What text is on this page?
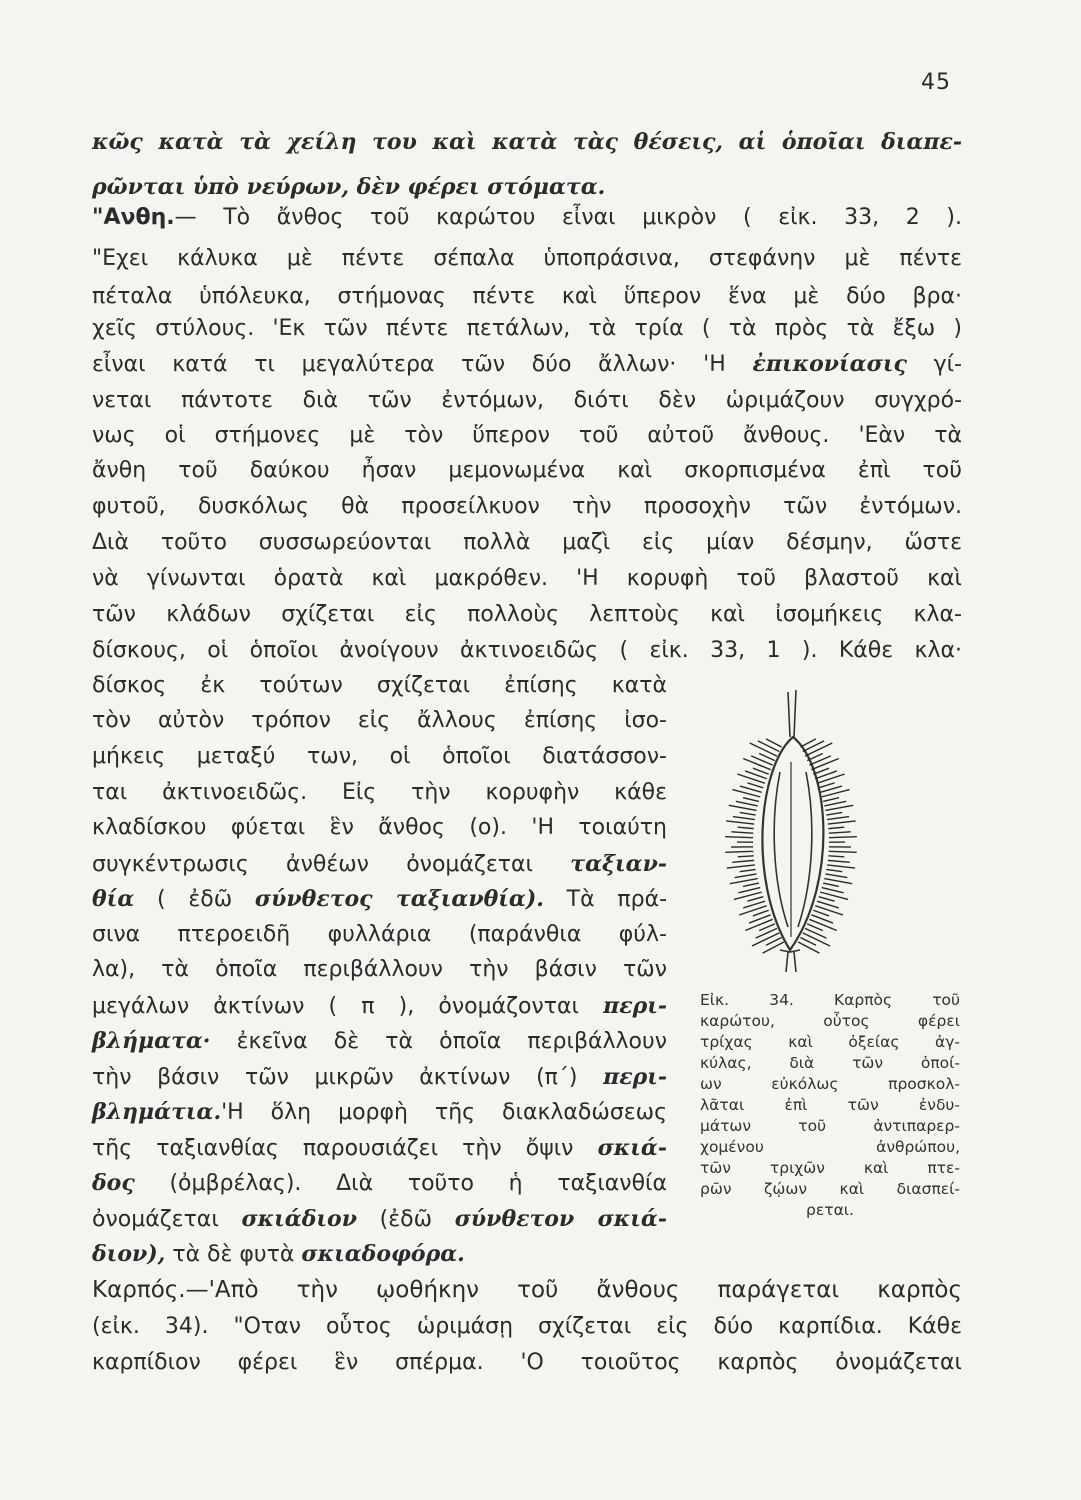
45
κῶς κατὰ τὰ χείλη του καὶ κατὰ τὰς θέσεις, αἱ ὁποῖαι διαπε-
ρῶνται ὑπὸ νεύρων, δὲν φέρει στόματα.
"Ανθη.— Τὸ ἄνθος τοῦ καρώτου εἶναι μικρὸν ( εἰκ. 33, 2 ).
"Εχει κάλυκα μὲ πέντε σέπαλα ὑποπράσινα, στεφάνην μὲ πέντε
πέταλα ὑπόλευκα, στήμονας πέντε καὶ ὕπερον ἕνα μὲ δύο βρα·
χεῖς στύλους. 'Εκ τῶν πέντε πετάλων, τὰ τρία ( τὰ πρὸς τὰ ἔξω )
εἶναι κατά τι μεγαλύτερα τῶν δύο ἄλλων· 'Η ἐπικονίασις γί-
νεται πάντοτε διὰ τῶν ἐντόμων, διότι δὲν ὡριμάζουν συγχρό-
νως οἱ στήμονες μὲ τὸν ὕπερον τοῦ αὐτοῦ ἄνθους. 'Εὰν τὰ
ἄνθη τοῦ δαύκου ἦσαν μεμονωμένα καὶ σκορπισμένα ἐπὶ τοῦ
φυτοῦ, δυσκόλως θὰ προσείλκυον τὴν προσοχὴν τῶν ἐντόμων.
Διὰ τοῦτο συσσωρεύονται πολλὰ μαζὶ εἰς μίαν δέσμην, ὥστε
νὰ γίνωνται ὁρατὰ καὶ μακρόθεν. 'Η κορυφὴ τοῦ βλαστοῦ καὶ
τῶν κλάδων σχίζεται εἰς πολλοὺς λεπτοὺς καὶ ἰσομήκεις κλα-
δίσκους, οἱ ὁποῖοι ἀνοίγουν ἀκτινοειδῶς ( εἰκ. 33, 1 ). Κάθε κλα·
δίσκος ἐκ τούτων σχίζεται ἐπίσης κατὰ
τὸν αὐτὸν τρόπον εἰς ἄλλους ἐπίσης ἰσο-
μήκεις μεταξύ των, οἱ ὁποῖοι διατάσσον-
ται ἀκτινοειδῶς. Εἰς τὴν κορυφὴν κάθε
κλαδίσκου φύεται ἓν ἄνθος (ο). 'Η τοιαύτη
συγκέντρωσις ἀνθέων ὀνομάζεται ταξιαν-
θία ( ἐδῶ σύνθετος ταξιανθία). Τὰ πρά-
σινα πτεροειδῆ φυλλάρια (παράνθια φύλ-
λα), τὰ ὁποῖα περιβάλλουν τὴν βάσιν τῶν
μεγάλων ἀκτίνων ( π ), ὀνομάζονται περι-
βλήματα· ἐκεῖνα δὲ τὰ ὁποῖα περιβάλλουν
τὴν βάσιν τῶν μικρῶν ἀκτίνων (π΄) περι-
βλημάτια.'Η ὅλη μορφὴ τῆς διακλαδώσεως
τῆς ταξιανθίας παρουσιάζει τὴν ὄψιν σκιά-
δος (ὀμβρέλας). Διὰ τοῦτο ἡ ταξιανθία
ὀνομάζεται σκιάδιον (ἐδῶ σύνθετον σκιά-
διον), τὰ δὲ φυτὰ σκιαδοφόρα.
Καρπός.—'Απὸ τὴν ῳοθήκην τοῦ ἄνθους παράγεται καρπὸς
(εἰκ. 34). "Οταν οὗτος ὡριμάσῃ σχίζεται εἰς δύο καρπίδια. Κάθε
καρπίδιον φέρει ἓν σπέρμα. 'Ο τοιοῦτος καρπὸς ὀνομάζεται
Εἰκ. 34. Καρπὸς τοῦ
καρώτου, οὗτος φέρει
τρίχας καὶ ὀξείας ἀγ-
κύλας, διὰ τῶν ὁποί-
ων εὐκόλως προσκολ-
λᾶται ἐπὶ τῶν ἐνδυ-
μάτων τοῦ ἀντιπαρερ-
χομένου ἀνθρώπου,
τῶν τριχῶν καὶ πτε-
ρῶν ζῴων καὶ διασπεί-
ρεται.
